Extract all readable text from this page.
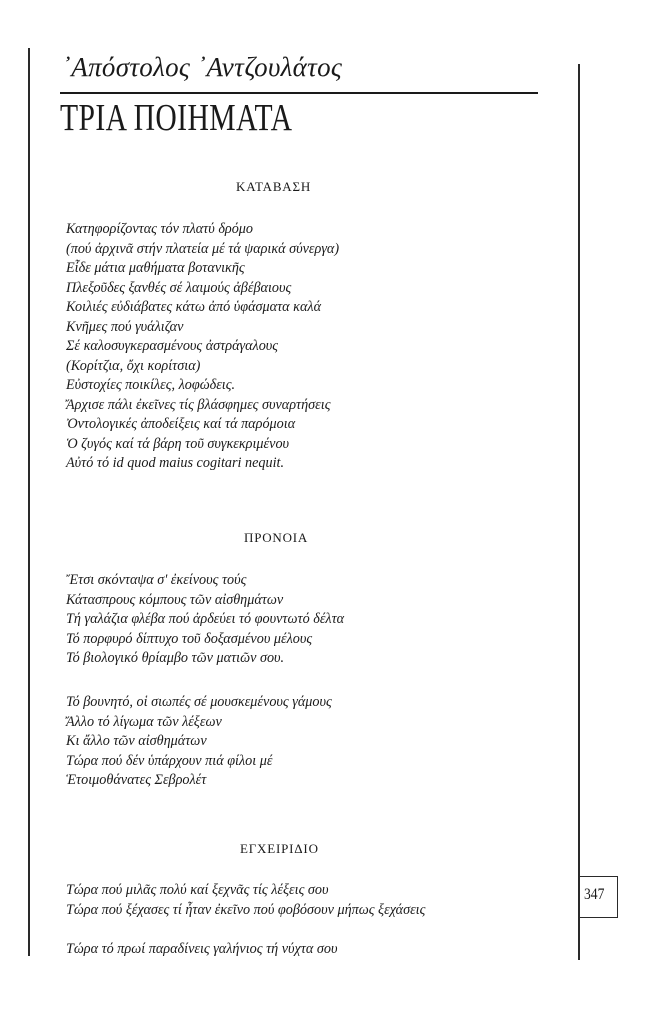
᾿Απόστολος ᾿Αντζουλάτος
ΤΡΙΑ ΠΟΙΗΜΑΤΑ
ΚΑΤΑΒΑΣΗ
Κατηφορίζοντας τόν πλατύ δρόμο
(πού ἀρχινᾶ στήν πλατεία μέ τά ψαρικά σύνεργα)
Εἶδε μάτια μαθήματα βοτανικῆς
Πλεξοῦδες ξανθές σέ λαιμούς ἀβέβαιους
Κοιλιές εὐδιάβατες κάτω ἀπό ὑφάσματα καλά
Κνῆμες πού γυάλιζαν
Σέ καλοσυγκερασμένους ἀστράγαλους
(Κορίτζια, ὄχι κορίτσια)
Εὐστοχίες ποικίλες, λοφώδεις.
Ἄρχισε πάλι ἐκεῖνες τίς βλάσφημες συναρτήσεις
Ὀντολογικές ἀποδείξεις καί τά παρόμοια
Ὁ ζυγός καί τά βάρη τοῦ συγκεκριμένου
Αὐτό τό id quod maius cogitari nequit.
ΠΡΟΝΟΙΑ
Ἔτσι σκόνταψα σ' ἐκείνους τούς
Κάτασπρους κόμπους τῶν αἰσθημάτων
Τή γαλάζια φλέβα πού ἀρδεύει τό φουντωτό δέλτα
Τό πορφυρό δίπτυχο τοῦ δοξασμένου μέλους
Τό βιολογικό θρίαμβο τῶν ματιῶν σου.
Τό βουνητό, οἱ σιωπές σέ μουσκεμένους γάμους
Ἄλλο τό λίγωμα τῶν λέξεων
Κι ἄλλο τῶν αἰσθημάτων
Τώρα πού δέν ὑπάρχουν πιά φίλοι μέ
Ἑτοιμοθάνατες Σεβρολέτ
ΕΓΧΕΙΡΙΔΙΟ
Τώρα πού μιλᾶς πολύ καί ξεχνᾶς τίς λέξεις σου
Τώρα πού ξέχασες τί ἦταν ἐκεῖνο πού φοβόσουν μήπως ξεχάσεις
Τώρα τό πρωί παραδίνεις γαλήνιος τή νύχτα σου
347
